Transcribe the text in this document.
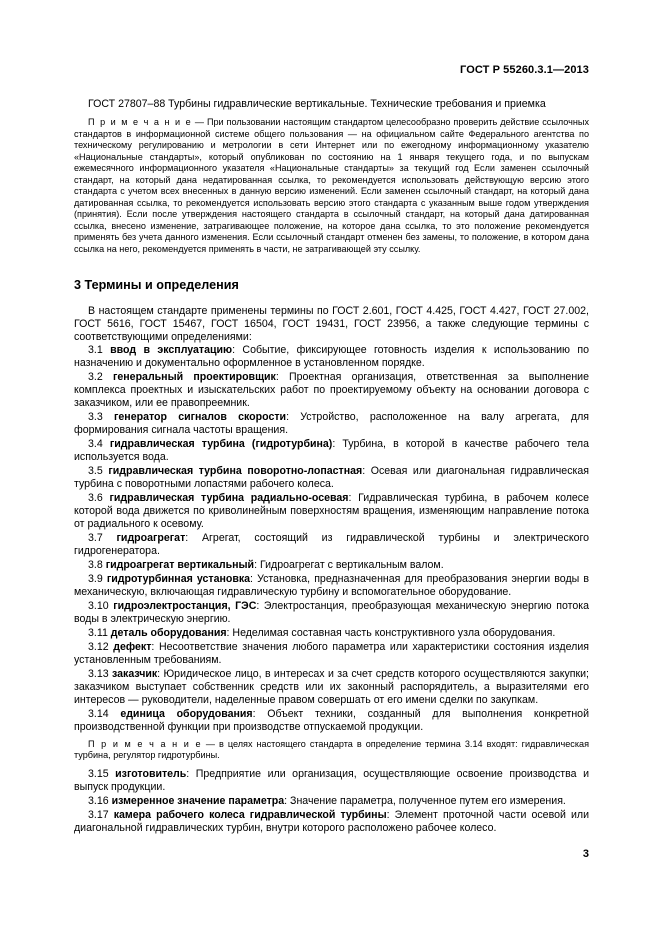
ГОСТ Р 55260.3.1—2013

ГОСТ 27807–88 Турбины гидравлические вертикальные. Технические требования и приемка

П р и м е ч а н и е — При пользовании настоящим стандартом целесообразно проверить действие ссылочных стандартов в информационной системе общего пользования — на официальном сайте Федерального агентства по техническому регулированию и метрологии в сети Интернет или по ежегодному информационному указателю «Национальные стандарты», который опубликован по состоянию на 1 января текущего года, и по выпускам ежемесячного информационного указателя «Национальные стандарты» за текущий год Если заменен ссылочный стандарт, на который дана недатированная ссылка, то рекомендуется использовать действующую версию этого стандарта с учетом всех внесенных в данную версию изменений. Если заменен ссылочный стандарт, на который дана датированная ссылка, то рекомендуется использовать версию этого стандарта с указанным выше годом утверждения (принятия). Если после утверждения настоящего стандарта в ссылочный стандарт, на который дана датированная ссылка, внесено изменение, затрагивающее положение, на которое дана ссылка, то это положение рекомендуется применять без учета данного изменения. Если ссылочный стандарт отменен без замены, то положение, в котором дана ссылка на него, рекомендуется применять в части, не затрагивающей эту ссылку.

3 Термины и определения

В настоящем стандарте применены термины по ГОСТ 2.601, ГОСТ 4.425, ГОСТ 4.427, ГОСТ 27.002, ГОСТ 5616, ГОСТ 15467, ГОСТ 16504, ГОСТ 19431, ГОСТ 23956, а также следующие термины с соответствующими определениями:

3.1 ввод в эксплуатацию: Событие, фиксирующее готовность изделия к использованию по назначению и документально оформленное в установленном порядке.

3.2 генеральный проектировщик: Проектная организация, ответственная за выполнение комплекса проектных и изыскательских работ по проектируемому объекту на основании договора с заказчиком, или ее правопреемник.

3.3 генератор сигналов скорости: Устройство, расположенное на валу агрегата, для формирования сигнала частоты вращения.

3.4 гидравлическая турбина (гидротурбина): Турбина, в которой в качестве рабочего тела используется вода.

3.5 гидравлическая турбина поворотно-лопастная: Осевая или диагональная гидравлическая турбина с поворотными лопастями рабочего колеса.

3.6 гидравлическая турбина радиально-осевая: Гидравлическая турбина, в рабочем колесе которой вода движется по криволинейным поверхностям вращения, изменяющим направление потока от радиального к осевому.

3.7 гидроагрегат: Агрегат, состоящий из гидравлической турбины и электрического гидрогенератора.

3.8 гидроагрегат вертикальный: Гидроагрегат с вертикальным валом.

3.9 гидротурбинная установка: Установка, предназначенная для преобразования энергии воды в механическую, включающая гидравлическую турбину и вспомогательное оборудование.

3.10 гидроэлектростанция, ГЭС: Электростанция, преобразующая механическую энергию потока воды в электрическую энергию.

3.11 деталь оборудования: Неделимая составная часть конструктивного узла оборудования.

3.12 дефект: Несоответствие значения любого параметра или характеристики состояния изделия установленным требованиям.

3.13 заказчик: Юридическое лицо, в интересах и за счет средств которого осуществляются закупки; заказчиком выступает собственник средств или их законный распорядитель, а выразителями его интересов — руководители, наделенные правом совершать от его имени сделки по закупкам.

3.14 единица оборудования: Объект техники, созданный для выполнения конкретной производственной функции при производстве отпускаемой продукции.

П р и м е ч а н и е — в целях настоящего стандарта в определение термина 3.14 входят: гидравлическая турбина, регулятор гидротурбины.

3.15 изготовитель: Предприятие или организация, осуществляющие освоение производства и выпуск продукции.

3.16 измеренное значение параметра: Значение параметра, полученное путем его измерения.

3.17 камера рабочего колеса гидравлической турбины: Элемент проточной части осевой или диагональной гидравлических турбин, внутри которого расположено рабочее колесо.

3
